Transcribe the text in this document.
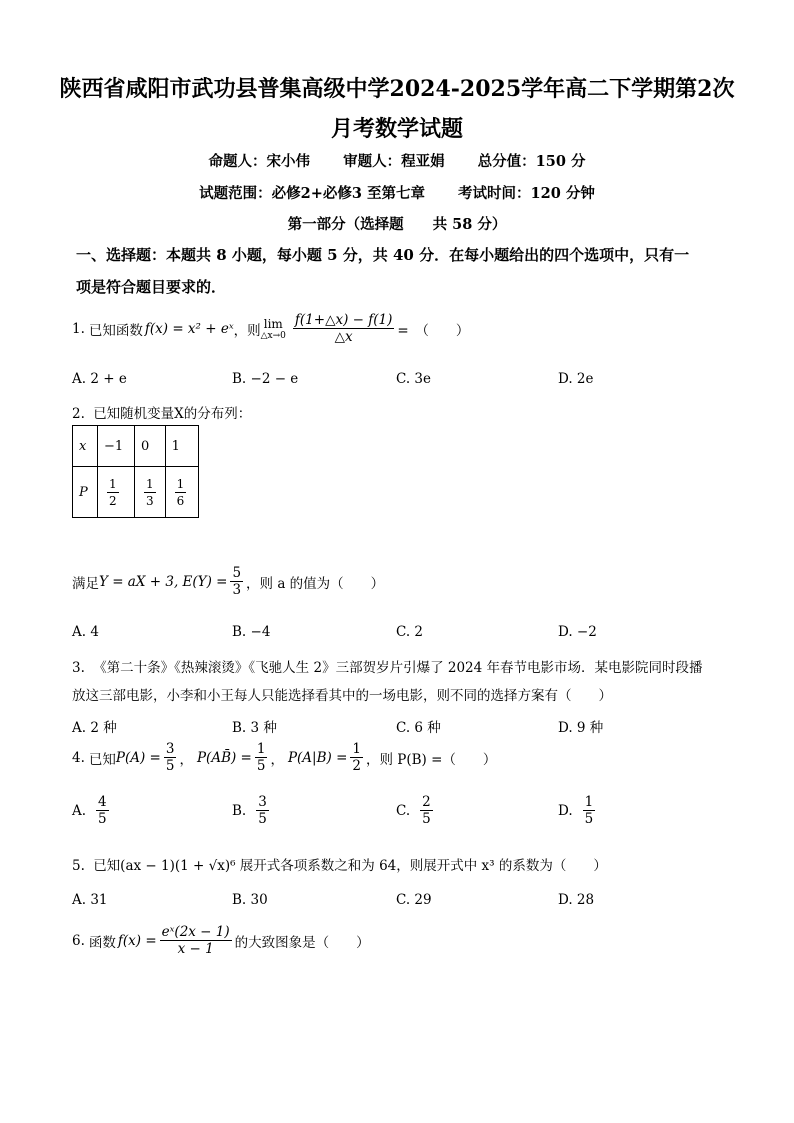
陕西省咸阳市武功县普集高级中学2024-2025学年高二下学期第2次
月考数学试题
命题人：宋小伟 审题人：程亚娟 总分值：150 分
试题范围：必修2+必修3 至第七章 考试时间：120 分钟
第一部分（选择题　　共 58 分）
一、选择题：本题共 8 小题，每小题 5 分，共 40 分．在每小题给出的四个选项中，只有一
项是符合题目要求的．
1. 已知函数 f(x) = x² + eˣ ，则 lim
△x→0 $\frac{f(1+\triangle x) - f(1)}{\triangle x}$ =　（　　）
A. 2 + e	B. −2 − e	C. 3e	D. 2e
2. 已知随机变量X的分布列：
x	−1	0	1
P	$\frac{1}{2}$	$\frac{1}{3}$	$\frac{1}{6}$
满足 Y = aX + 3, $E(Y) = \frac{5}{3}$ ，则 a 的值为（　　）
A. 4	B. −4	C. 2	D. −2
3. 《第二十条》《热辣滚烫》《飞驰人生 2》三部贺岁片引爆了 2024 年春节电影市场．某电影院同时段播
放这三部电影，小李和小王每人只能选择看其中的一场电影，则不同的选择方案有（　　）
A. 2 种	B. 3 种	C. 6 种	D. 9 种
4. 已知 $P(A) = \frac{3}{5}$ ， P(AB̄) = $\frac{1}{5}$ ， $P(A|B) = \frac{1}{2}$ ，则 P(B) =（　　）
A. $\frac{4}{5}$	B. $\frac{3}{5}$	C. $\frac{2}{5}$	D. $\frac{1}{5}$
5. 已知(ax − 1)(1 + √x)⁶ 展开式各项系数之和为 64，则展开式中 x³ 的系数为（　　）
A. 31	B. 30	C. 29	D. 28
6. 函数 $f(x) = \frac{\text{eˣ(2x − 1)}}{x - 1}$ 的大致图象是（　　）
